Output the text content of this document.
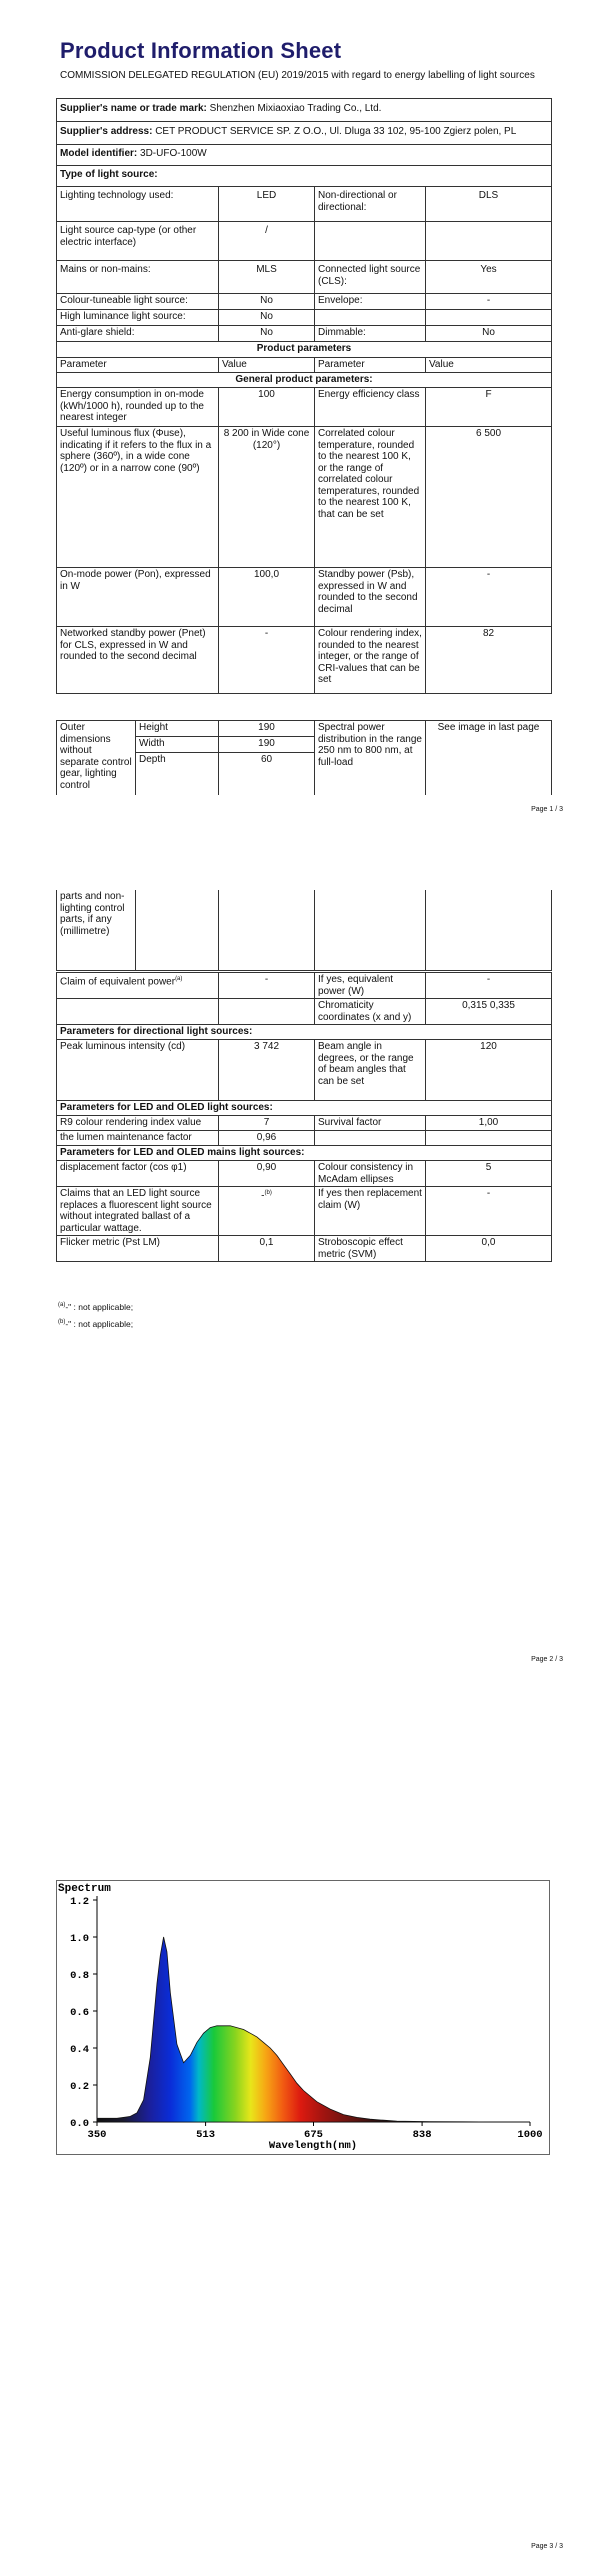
Product Information Sheet
COMMISSION DELEGATED REGULATION (EU) 2019/2015 with regard to energy labelling of light sources
Supplier's name or trade mark: Shenzhen Mixiaoxiao Trading Co., Ltd.			
Supplier's address: CET PRODUCT SERVICE SP. Z O.O., Ul. Dluga 33 102, 95-100 Zgierz polen, PL			
Model identifier: 3D-UFO-100W			
Type of light source:			
Lighting technology used:	LED	Non-directional or directional:	DLS
Light source cap-type (or other electric interface)	/		
Mains or non-mains:	MLS	Connected light source (CLS):	Yes
Colour-tuneable light source:	No	Envelope:	-
High luminance light source:	No		
Anti-glare shield:	No	Dimmable:	No
Product parameters			
Parameter	Value	Parameter	Value
General product parameters:			
Energy consumption in on-mode (kWh/1000 h), rounded up to the nearest integer	100	Energy efficiency class	F
Useful luminous flux (Φuse), indicating if it refers to the flux in a sphere (360º), in a wide cone (120º) or in a narrow cone (90º)	8 200 in Wide cone (120°)	Correlated colour temperature, rounded to the nearest 100 K, or the range of correlated colour temperatures, rounded to the nearest 100 K, that can be set	6 500
On-mode power (Pon), expressed in W	100,0	Standby power (Psb), expressed in W and rounded to the second decimal	-
Networked standby power (Pnet) for CLS, expressed in W and rounded to the second decimal	-	Colour rendering index, rounded to the nearest integer, or the range of CRI-values that can be set	82
Outer dimensions without separate control gear, lighting control	Height	190	Spectral power distribution in the range 250 nm to 800 nm, at full-load	See image in last page
	Width	190		
	Depth	60		
Page 1 / 3
parts and non-lighting control parts, if any (millimetre)				
Claim of equivalent power$^{(a)}$	-	If yes, equivalent power (W)	-
		Chromaticity coordinates (x and y)	0,315 0,335
Parameters for directional light sources:			
Peak luminous intensity (cd)	3 742	Beam angle in degrees, or the range of beam angles that can be set	120
Parameters for LED and OLED light sources:			
R9 colour rendering index value	7	Survival factor	1,00
the lumen maintenance factor	0,96		
Parameters for LED and OLED mains light sources:			
displacement factor (cos φ1)	0,90	Colour consistency in McAdam ellipses	5
Claims that an LED light source replaces a fluorescent light source without integrated ballast of a particular wattage.	-$^{(b)}$	If yes then replacement claim (W)	-
Flicker metric (Pst LM)	0,1	Stroboscopic effect metric (SVM)	0,0
$^{(a)}$-" : not applicable;
$^{(b)}$-" : not applicable;
Page 2 / 3
Spectrum
350	513	675	838	1000
0.0
0.2
0.4
0.6
0.8
1.0
1.2
Wavelength(nm)
Page 3 / 3
